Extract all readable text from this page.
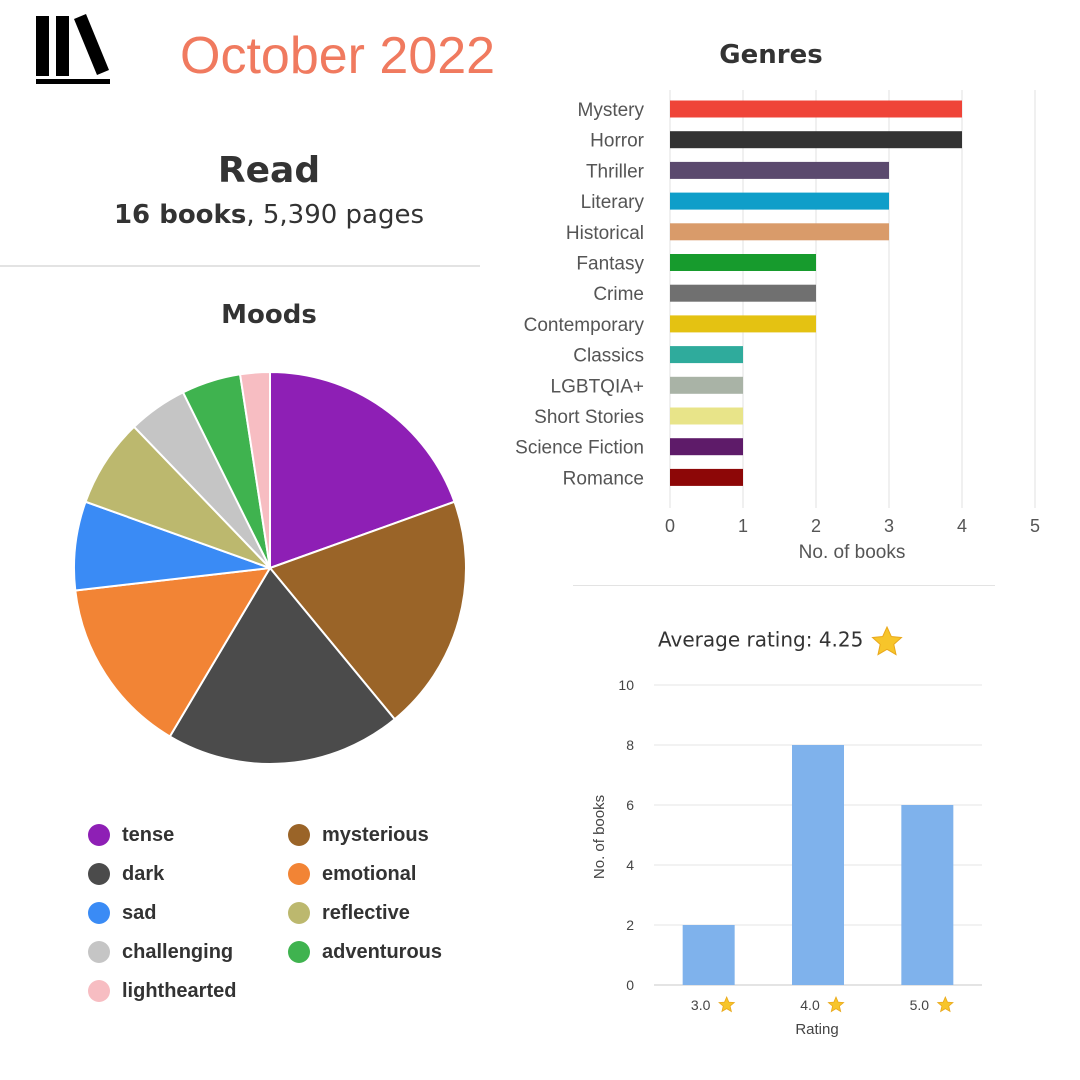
October 2022
Read
16 books, 5,390 pages
Moods
tense	mysterious
dark	emotional
sad	reflective
challenging	adventurous
lighthearted
Genres
0	1	2	3	4	5
Mystery
Horror
Thriller
Literary
Historical
Fantasy
Crime
Contemporary
Classics
LGBTQIA+
Short Stories
Science Fiction
Romance
No. of books
Average rating: 4.25
0
2
4
6
8
10
3.0	4.0	5.0
Rating
No. of books
